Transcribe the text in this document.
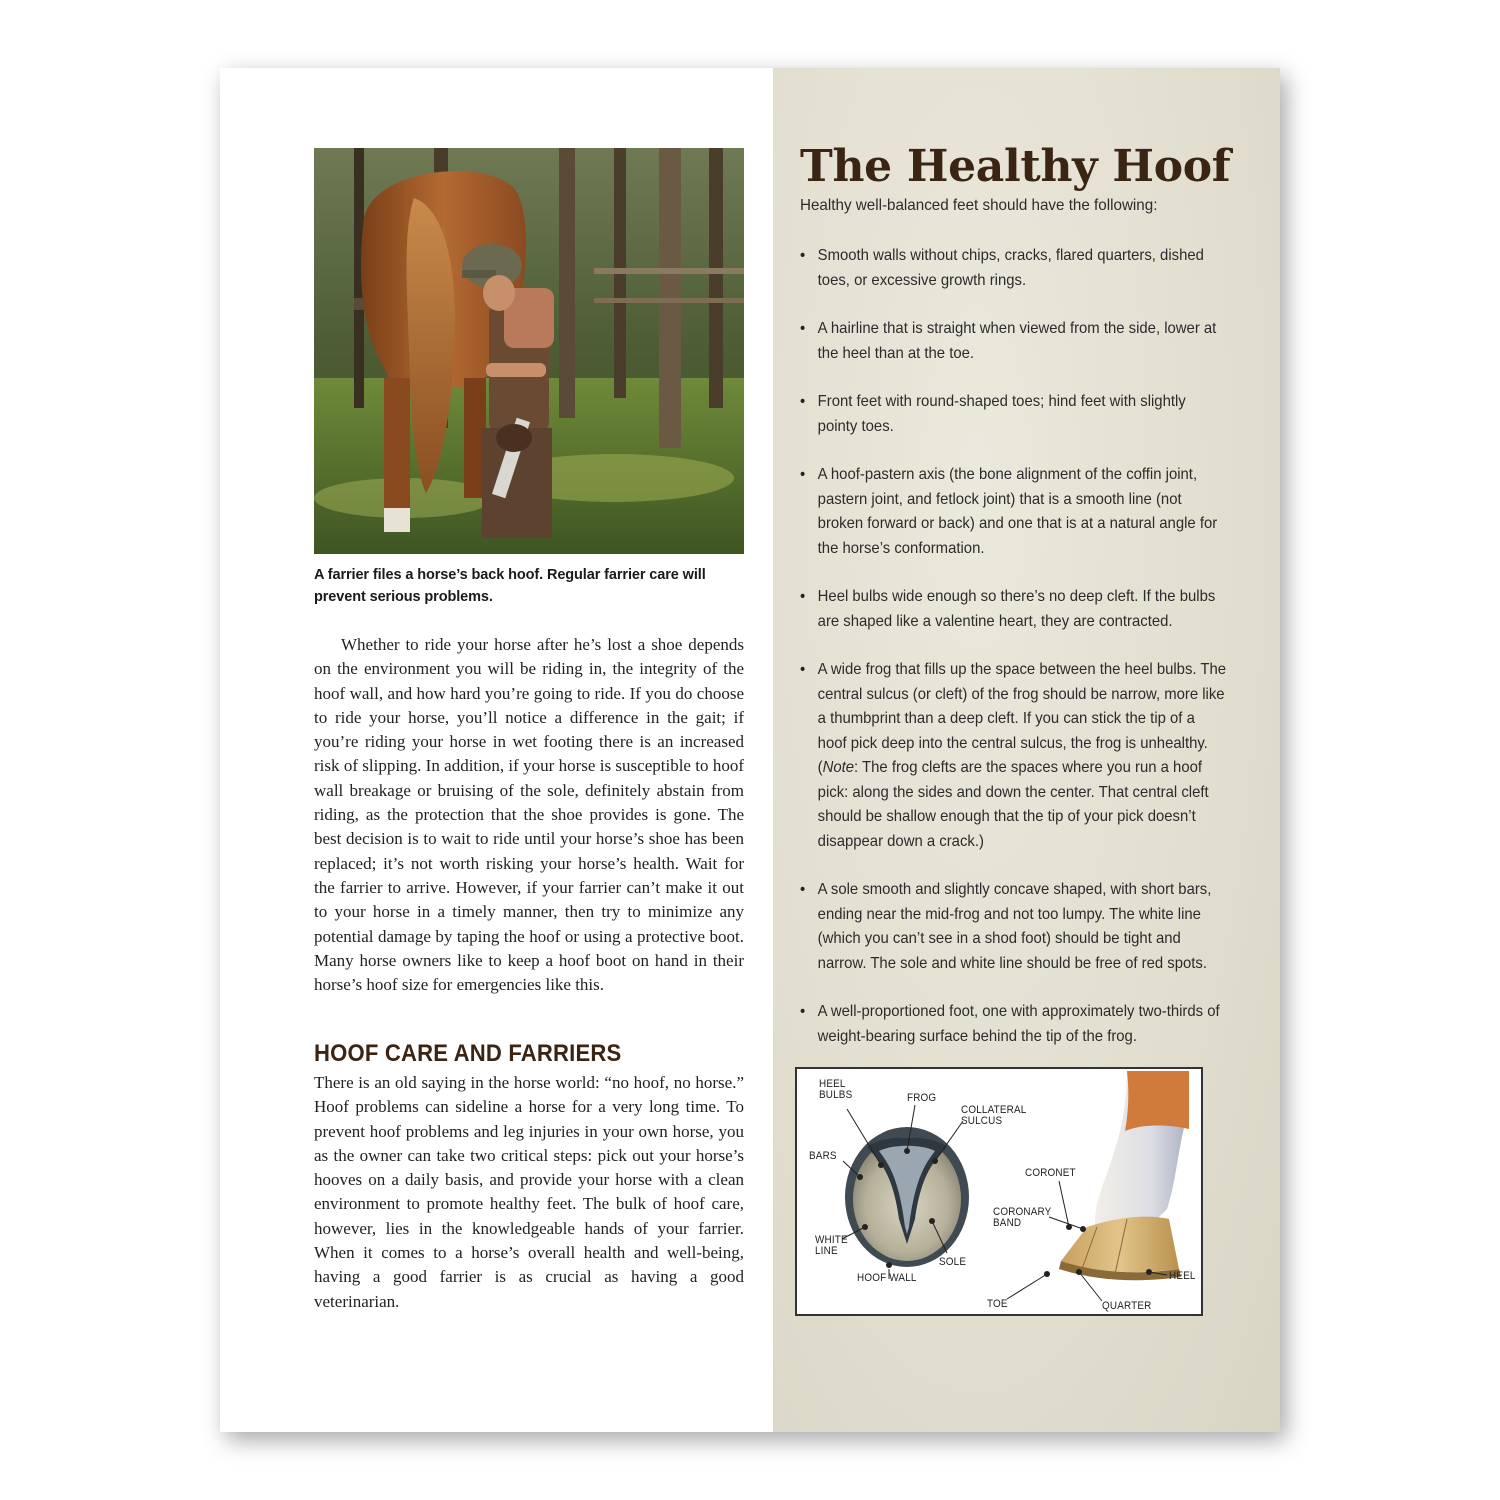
A farrier files a horse’s back hoof. Regular farrier care will prevent serious problems.

Whether to ride your horse after he’s lost a shoe depends on the environment you will be riding in, the integrity of the hoof wall, and how hard you’re going to ride. If you do choose to ride your horse, you’ll notice a difference in the gait; if you’re riding your horse in wet footing there is an increased risk of slipping. In addition, if your horse is susceptible to hoof wall breakage or bruising of the sole, definitely abstain from riding, as the protection that the shoe provides is gone. The best decision is to wait to ride until your horse’s shoe has been replaced; it’s not worth risking your horse’s health. Wait for the farrier to arrive. However, if your farrier can’t make it out to your horse in a timely manner, then try to minimize any potential damage by taping the hoof or using a protective boot. Many horse owners like to keep a hoof boot on hand in their horse’s hoof size for emergencies like this.

HOOF CARE AND FARRIERS

There is an old saying in the horse world: “no hoof, no horse.” Hoof problems can sideline a horse for a very long time. To prevent hoof problems and leg injuries in your own horse, you as the owner can take two critical steps: pick out your horse’s hooves on a daily basis, and provide your horse with a clean environment to promote healthy feet. The bulk of hoof care, however, lies in the knowledgeable hands of your farrier. When it comes to a horse’s overall health and well-being, having a good farrier is as crucial as having a good veterinarian.

The Healthy Hoof

Healthy well-balanced feet should have the following:

• Smooth walls without chips, cracks, flared quarters, dished toes, or excessive growth rings.
• A hairline that is straight when viewed from the side, lower at the heel than at the toe.
• Front feet with round-shaped toes; hind feet with slightly pointy toes.
• A hoof-pastern axis (the bone alignment of the coffin joint, pastern joint, and fetlock joint) that is a smooth line (not broken forward or back) and one that is at a natural angle for the horse’s conformation.
• Heel bulbs wide enough so there’s no deep cleft. If the bulbs are shaped like a valentine heart, they are contracted.
• A wide frog that fills up the space between the heel bulbs. The central sulcus (or cleft) of the frog should be narrow, more like a thumbprint than a deep cleft. If you can stick the tip of a hoof pick deep into the central sulcus, the frog is unhealthy. (Note: The frog clefts are the spaces where you run a hoof pick: along the sides and down the center. That central cleft should be shallow enough that the tip of your pick doesn’t disappear down a crack.)
• A sole smooth and slightly concave shaped, with short bars, ending near the mid-frog and not too lumpy. The white line (which you can’t see in a shod foot) should be tight and narrow. The sole and white line should be free of red spots.
• A well-proportioned foot, one with approximately two-thirds of weight-bearing surface behind the tip of the frog.
HEEL
BULBS	FROG
COLLATERAL
SULCUS
BARS
WHITE
LINE
HOOF WALL
SOLE
CORONET
CORONARY
BAND
TOE	QUARTER
HEEL
